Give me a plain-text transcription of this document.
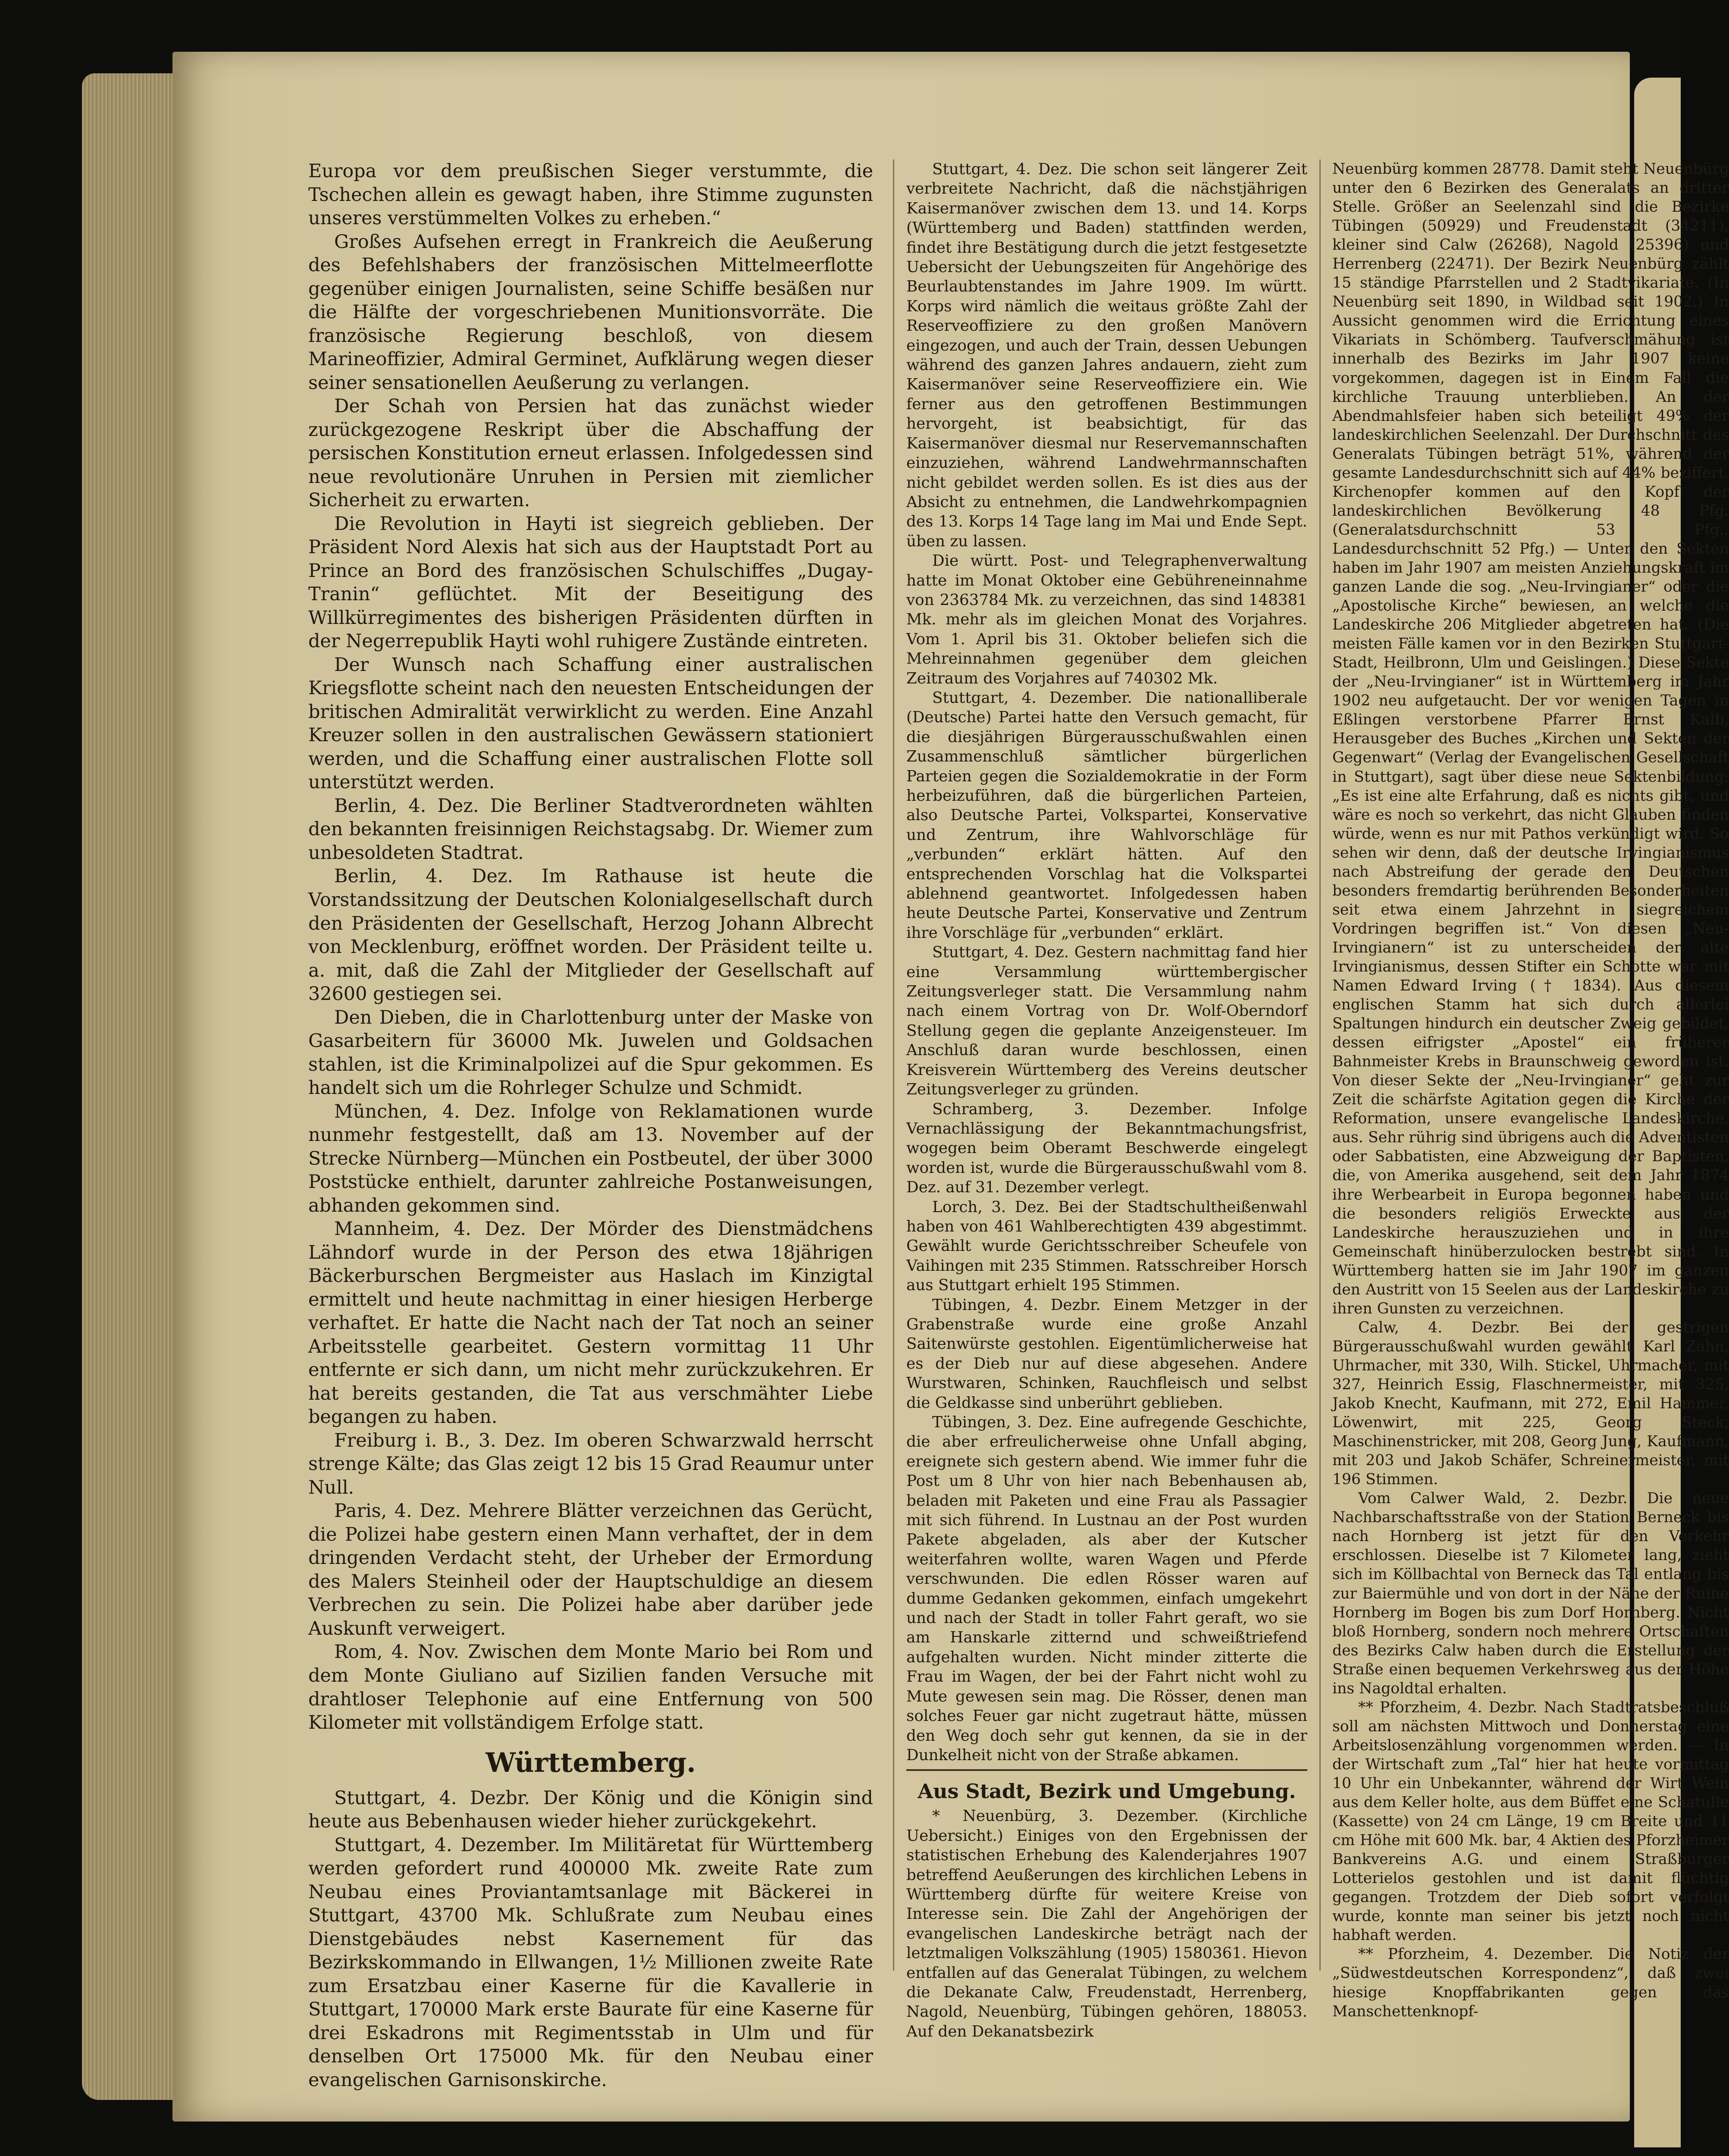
Europa vor dem preußischen Sieger verstummte, die Tschechen allein es gewagt haben, ihre Stimme zugunsten unseres verstümmelten Volkes zu erheben.“

Großes Aufsehen erregt in Frankreich die Aeußerung des Befehlshabers der französischen Mittelmeerflotte gegenüber einigen Journalisten, seine Schiffe besäßen nur die Hälfte der vorgeschriebenen Munitionsvorräte. Die französische Regierung beschloß, von diesem Marineoffizier, Admiral Germinet, Aufklärung wegen dieser seiner sensationellen Aeußerung zu verlangen.

Der Schah von Persien hat das zunächst wieder zurückgezogene Reskript über die Abschaffung der persischen Konstitution erneut erlassen. Infolgedessen sind neue revolutionäre Unruhen in Persien mit ziemlicher Sicherheit zu erwarten.

Die Revolution in Hayti ist siegreich geblieben. Der Präsident Nord Alexis hat sich aus der Hauptstadt Port au Prince an Bord des französischen Schulschiffes „Dugay-Tranin“ geflüchtet. Mit der Beseitigung des Willkürregimentes des bisherigen Präsidenten dürften in der Negerrepublik Hayti wohl ruhigere Zustände eintreten.

Der Wunsch nach Schaffung einer australischen Kriegsflotte scheint nach den neuesten Entscheidungen der britischen Admiralität verwirklicht zu werden. Eine Anzahl Kreuzer sollen in den australischen Gewässern stationiert werden, und die Schaffung einer australischen Flotte soll unterstützt werden.

Berlin, 4. Dez. Die Berliner Stadtverordneten wählten den bekannten freisinnigen Reichstagsabg. Dr. Wiemer zum unbesoldeten Stadtrat.

Berlin, 4. Dez. Im Rathause ist heute die Vorstandssitzung der Deutschen Kolonialgesellschaft durch den Präsidenten der Gesellschaft, Herzog Johann Albrecht von Mecklenburg, eröffnet worden. Der Präsident teilte u. a. mit, daß die Zahl der Mitglieder der Gesellschaft auf 32600 gestiegen sei.

Den Dieben, die in Charlottenburg unter der Maske von Gasarbeitern für 36000 Mk. Juwelen und Goldsachen stahlen, ist die Kriminalpolizei auf die Spur gekommen. Es handelt sich um die Rohrleger Schulze und Schmidt.

München, 4. Dez. Infolge von Reklamationen wurde nunmehr festgestellt, daß am 13. November auf der Strecke Nürnberg—München ein Postbeutel, der über 3000 Poststücke enthielt, darunter zahlreiche Postanweisungen, abhanden gekommen sind.

Mannheim, 4. Dez. Der Mörder des Dienstmädchens Lähndorf wurde in der Person des etwa 18jährigen Bäckerburschen Bergmeister aus Haslach im Kinzigtal ermittelt und heute nachmittag in einer hiesigen Herberge verhaftet. Er hatte die Nacht nach der Tat noch an seiner Arbeitsstelle gearbeitet. Gestern vormittag 11 Uhr entfernte er sich dann, um nicht mehr zurückzukehren. Er hat bereits gestanden, die Tat aus verschmähter Liebe begangen zu haben.

Freiburg i. B., 3. Dez. Im oberen Schwarzwald herrscht strenge Kälte; das Glas zeigt 12 bis 15 Grad Reaumur unter Null.

Paris, 4. Dez. Mehrere Blätter verzeichnen das Gerücht, die Polizei habe gestern einen Mann verhaftet, der in dem dringenden Verdacht steht, der Urheber der Ermordung des Malers Steinheil oder der Hauptschuldige an diesem Verbrechen zu sein. Die Polizei habe aber darüber jede Auskunft verweigert.

Rom, 4. Nov. Zwischen dem Monte Mario bei Rom und dem Monte Giuliano auf Sizilien fanden Versuche mit drahtloser Telephonie auf eine Entfernung von 500 Kilometer mit vollständigem Erfolge statt.

Württemberg.

Stuttgart, 4. Dezbr. Der König und die Königin sind heute aus Bebenhausen wieder hieher zurückgekehrt.

Stuttgart, 4. Dezember. Im Militäretat für Württemberg werden gefordert rund 400000 Mk. zweite Rate zum Neubau eines Proviantamtsanlage mit Bäckerei in Stuttgart, 43700 Mk. Schlußrate zum Neubau eines Dienstgebäudes nebst Kasernement für das Bezirkskommando in Ellwangen, 1½ Millionen zweite Rate zum Ersatzbau einer Kaserne für die Kavallerie in Stuttgart, 170000 Mark erste Baurate für eine Kaserne für drei Eskadrons mit Regimentsstab in Ulm und für denselben Ort 175000 Mk. für den Neubau einer evangelischen Garnisonskirche.

Stuttgart, 4. Dez. Die schon seit längerer Zeit verbreitete Nachricht, daß die nächstjährigen Kaisermanöver zwischen dem 13. und 14. Korps (Württemberg und Baden) stattfinden werden, findet ihre Bestätigung durch die jetzt festgesetzte Uebersicht der Uebungszeiten für Angehörige des Beurlaubtenstandes im Jahre 1909. Im württ. Korps wird nämlich die weitaus größte Zahl der Reserveoffiziere zu den großen Manövern eingezogen, und auch der Train, dessen Uebungen während des ganzen Jahres andauern, zieht zum Kaisermanöver seine Reserveoffiziere ein. Wie ferner aus den getroffenen Bestimmungen hervorgeht, ist beabsichtigt, für das Kaisermanöver diesmal nur Reservemannschaften einzuziehen, während Landwehrmannschaften nicht gebildet werden sollen. Es ist dies aus der Absicht zu entnehmen, die Landwehrkompagnien des 13. Korps 14 Tage lang im Mai und Ende Sept. üben zu lassen.

Die württ. Post- und Telegraphenverwaltung hatte im Monat Oktober eine Gebühreneinnahme von 2363784 Mk. zu verzeichnen, das sind 148381 Mk. mehr als im gleichen Monat des Vorjahres. Vom 1. April bis 31. Oktober beliefen sich die Mehreinnahmen gegenüber dem gleichen Zeitraum des Vorjahres auf 740302 Mk.

Stuttgart, 4. Dezember. Die nationalliberale (Deutsche) Partei hatte den Versuch gemacht, für die diesjährigen Bürgerausschußwahlen einen Zusammenschluß sämtlicher bürgerlichen Parteien gegen die Sozialdemokratie in der Form herbeizuführen, daß die bürgerlichen Parteien, also Deutsche Partei, Volkspartei, Konservative und Zentrum, ihre Wahlvorschläge für „verbunden“ erklärt hätten. Auf den entsprechenden Vorschlag hat die Volkspartei ablehnend geantwortet. Infolgedessen haben heute Deutsche Partei, Konservative und Zentrum ihre Vorschläge für „verbunden“ erklärt.

Stuttgart, 4. Dez. Gestern nachmittag fand hier eine Versammlung württembergischer Zeitungsverleger statt. Die Versammlung nahm nach einem Vortrag von Dr. Wolf-Oberndorf Stellung gegen die geplante Anzeigensteuer. Im Anschluß daran wurde beschlossen, einen Kreisverein Württemberg des Vereins deutscher Zeitungsverleger zu gründen.

Schramberg, 3. Dezember. Infolge Vernachlässigung der Bekanntmachungsfrist, wogegen beim Oberamt Beschwerde eingelegt worden ist, wurde die Bürgerausschußwahl vom 8. Dez. auf 31. Dezember verlegt.

Lorch, 3. Dez. Bei der Stadtschultheißenwahl haben von 461 Wahlberechtigten 439 abgestimmt. Gewählt wurde Gerichtsschreiber Scheufele von Vaihingen mit 235 Stimmen. Ratsschreiber Horsch aus Stuttgart erhielt 195 Stimmen.

Tübingen, 4. Dezbr. Einem Metzger in der Grabenstraße wurde eine große Anzahl Saitenwürste gestohlen. Eigentümlicherweise hat es der Dieb nur auf diese abgesehen. Andere Wurstwaren, Schinken, Rauchfleisch und selbst die Geldkasse sind unberührt geblieben.

Tübingen, 3. Dez. Eine aufregende Geschichte, die aber erfreulicherweise ohne Unfall abging, ereignete sich gestern abend. Wie immer fuhr die Post um 8 Uhr von hier nach Bebenhausen ab, beladen mit Paketen und eine Frau als Passagier mit sich führend. In Lustnau an der Post wurden Pakete abgeladen, als aber der Kutscher weiterfahren wollte, waren Wagen und Pferde verschwunden. Die edlen Rösser waren auf dumme Gedanken gekommen, einfach umgekehrt und nach der Stadt in toller Fahrt geraft, wo sie am Hanskarle zitternd und schweißtriefend aufgehalten wurden. Nicht minder zitterte die Frau im Wagen, der bei der Fahrt nicht wohl zu Mute gewesen sein mag. Die Rösser, denen man solches Feuer gar nicht zugetraut hätte, müssen den Weg doch sehr gut kennen, da sie in der Dunkelheit nicht von der Straße abkamen.

Aus Stadt, Bezirk und Umgebung.

* Neuenbürg, 3. Dezember. (Kirchliche Uebersicht.) Einiges von den Ergebnissen der statistischen Erhebung des Kalenderjahres 1907 betreffend Aeußerungen des kirchlichen Lebens in Württemberg dürfte für weitere Kreise von Interesse sein. Die Zahl der Angehörigen der evangelischen Landeskirche beträgt nach der letztmaligen Volkszählung (1905) 1580361. Hievon entfallen auf das Generalat Tübingen, zu welchem die Dekanate Calw, Freudenstadt, Herrenberg, Nagold, Neuenbürg, Tübingen gehören, 188053. Auf den Dekanatsbezirk

Neuenbürg kommen 28778. Damit steht Neuenbürg unter den 6 Bezirken des Generalats an dritter Stelle. Größer an Seelenzahl sind die Bezirke Tübingen (50929) und Freudenstadt (34211), kleiner sind Calw (26268), Nagold (25396) und Herrenberg (22471). Der Bezirk Neuenbürg zählt 15 ständige Pfarrstellen und 2 Stadtvikariate. (In Neuenbürg seit 1890, in Wildbad seit 1902.) In Aussicht genommen wird die Errichtung eines Vikariats in Schömberg. Taufverschmähung ist innerhalb des Bezirks im Jahr 1907 keine vorgekommen, dagegen ist in Einem Fall die kirchliche Trauung unterblieben. An der Abendmahlsfeier haben sich beteiligt 49% der landeskirchlichen Seelenzahl. Der Durchschnitt des Generalats Tübingen beträgt 51%, während der gesamte Landesdurchschnitt sich auf 44% beziffert. Kirchenopfer kommen auf den Kopf der landeskirchlichen Bevölkerung 48 Pfg. (Generalatsdurchschnitt 53 Pfg., Landesdurchschnitt 52 Pfg.) — Unter den Sekten haben im Jahr 1907 am meisten Anziehungskraft im ganzen Lande die sog. „Neu-Irvingianer“ oder die „Apostolische Kirche“ bewiesen, an welche die Landeskirche 206 Mitglieder abgetreten hat. (Die meisten Fälle kamen vor in den Bezirken Stuttgart-Stadt, Heilbronn, Ulm und Geislingen.) Diese Sekte der „Neu-Irvingianer“ ist in Württemberg im Jahr 1902 neu aufgetaucht. Der vor wenigen Tagen in Eßlingen verstorbene Pfarrer Ernst Kalb, Herausgeber des Buches „Kirchen und Sekten der Gegenwart“ (Verlag der Evangelischen Gesellschaft in Stuttgart), sagt über diese neue Sektenbildung: „Es ist eine alte Erfahrung, daß es nichts gibt, und wäre es noch so verkehrt, das nicht Glauben finden würde, wenn es nur mit Pathos verkündigt wird. So sehen wir denn, daß der deutsche Irvingianismus nach Abstreifung der gerade den Deutschen besonders fremdartig berührenden Besonderheiten seit etwa einem Jahrzehnt in siegreichem Vordringen begriffen ist.“ Von diesen „Neu-Irvingianern“ ist zu unterscheiden der alte Irvingianismus, dessen Stifter ein Schotte war mit Namen Edward Irving († 1834). Aus diesem englischen Stamm hat sich durch allerlei Spaltungen hindurch ein deutscher Zweig gebildet, dessen eifrigster „Apostel“ ein früherer Bahnmeister Krebs in Braunschweig geworden ist. Von dieser Sekte der „Neu-Irvingianer“ geht zur Zeit die schärfste Agitation gegen die Kirche der Reformation, unsere evangelische Landeskirche, aus. Sehr rührig sind übrigens auch die Adventisten oder Sabbatisten, eine Abzweigung der Baptisten, die, von Amerika ausgehend, seit dem Jahr 1874 ihre Werbearbeit in Europa begonnen haben und die besonders religiös Erweckte aus der Landeskirche herauszuziehen und in ihre Gemeinschaft hinüberzulocken bestrebt sind. In Württemberg hatten sie im Jahr 1907 im ganzen den Austritt von 15 Seelen aus der Landeskirche zu ihren Gunsten zu verzeichnen.

Calw, 4. Dezbr. Bei der gestrigen Bürgerausschußwahl wurden gewählt Karl Zahn, Uhrmacher, mit 330, Wilh. Stickel, Uhrmacher, mit 327, Heinrich Essig, Flaschnermeister, mit 325, Jakob Knecht, Kaufmann, mit 272, Emil Hammer, Löwenwirt, mit 225, Georg Steck, Maschinenstricker, mit 208, Georg Jung, Kaufmann, mit 203 und Jakob Schäfer, Schreinermeister, mit 196 Stimmen.

Vom Calwer Wald, 2. Dezbr. Die neue Nachbarschaftsstraße von der Station Berneck bis nach Hornberg ist jetzt für den Verkehr erschlossen. Dieselbe ist 7 Kilometer lang, zieht sich im Köllbachtal von Berneck das Tal entlang bis zur Baiermühle und von dort in der Nähe der Ruine Hornberg im Bogen bis zum Dorf Hornberg. Nicht bloß Hornberg, sondern noch mehrere Ortschaften des Bezirks Calw haben durch die Erstellung der Straße einen bequemen Verkehrsweg aus der Höhe ins Nagoldtal erhalten.

** Pforzheim, 4. Dezbr. Nach Stadtratsbeschluß soll am nächsten Mittwoch und Donnerstag eine Arbeitslosenzählung vorgenommen werden. — In der Wirtschaft zum „Tal“ hier hat heute vormittag 10 Uhr ein Unbekannter, während der Wirt Wein aus dem Keller holte, aus dem Büffet eine Schatulle (Kassette) von 24 cm Länge, 19 cm Breite und 11 cm Höhe mit 600 Mk. bar, 4 Aktien des Pforzheimer Bankvereins A.G. und einem Straßburger Lotterielos gestohlen und ist damit flüchtig gegangen. Trotzdem der Dieb sofort verfolgt wurde, konnte man seiner bis jetzt noch nicht habhaft werden.

** Pforzheim, 4. Dezember. Die Notiz der „Südwestdeutschen Korrespondenz“, daß zwei hiesige Knopffabrikanten gegen das Manschettenknopf-
